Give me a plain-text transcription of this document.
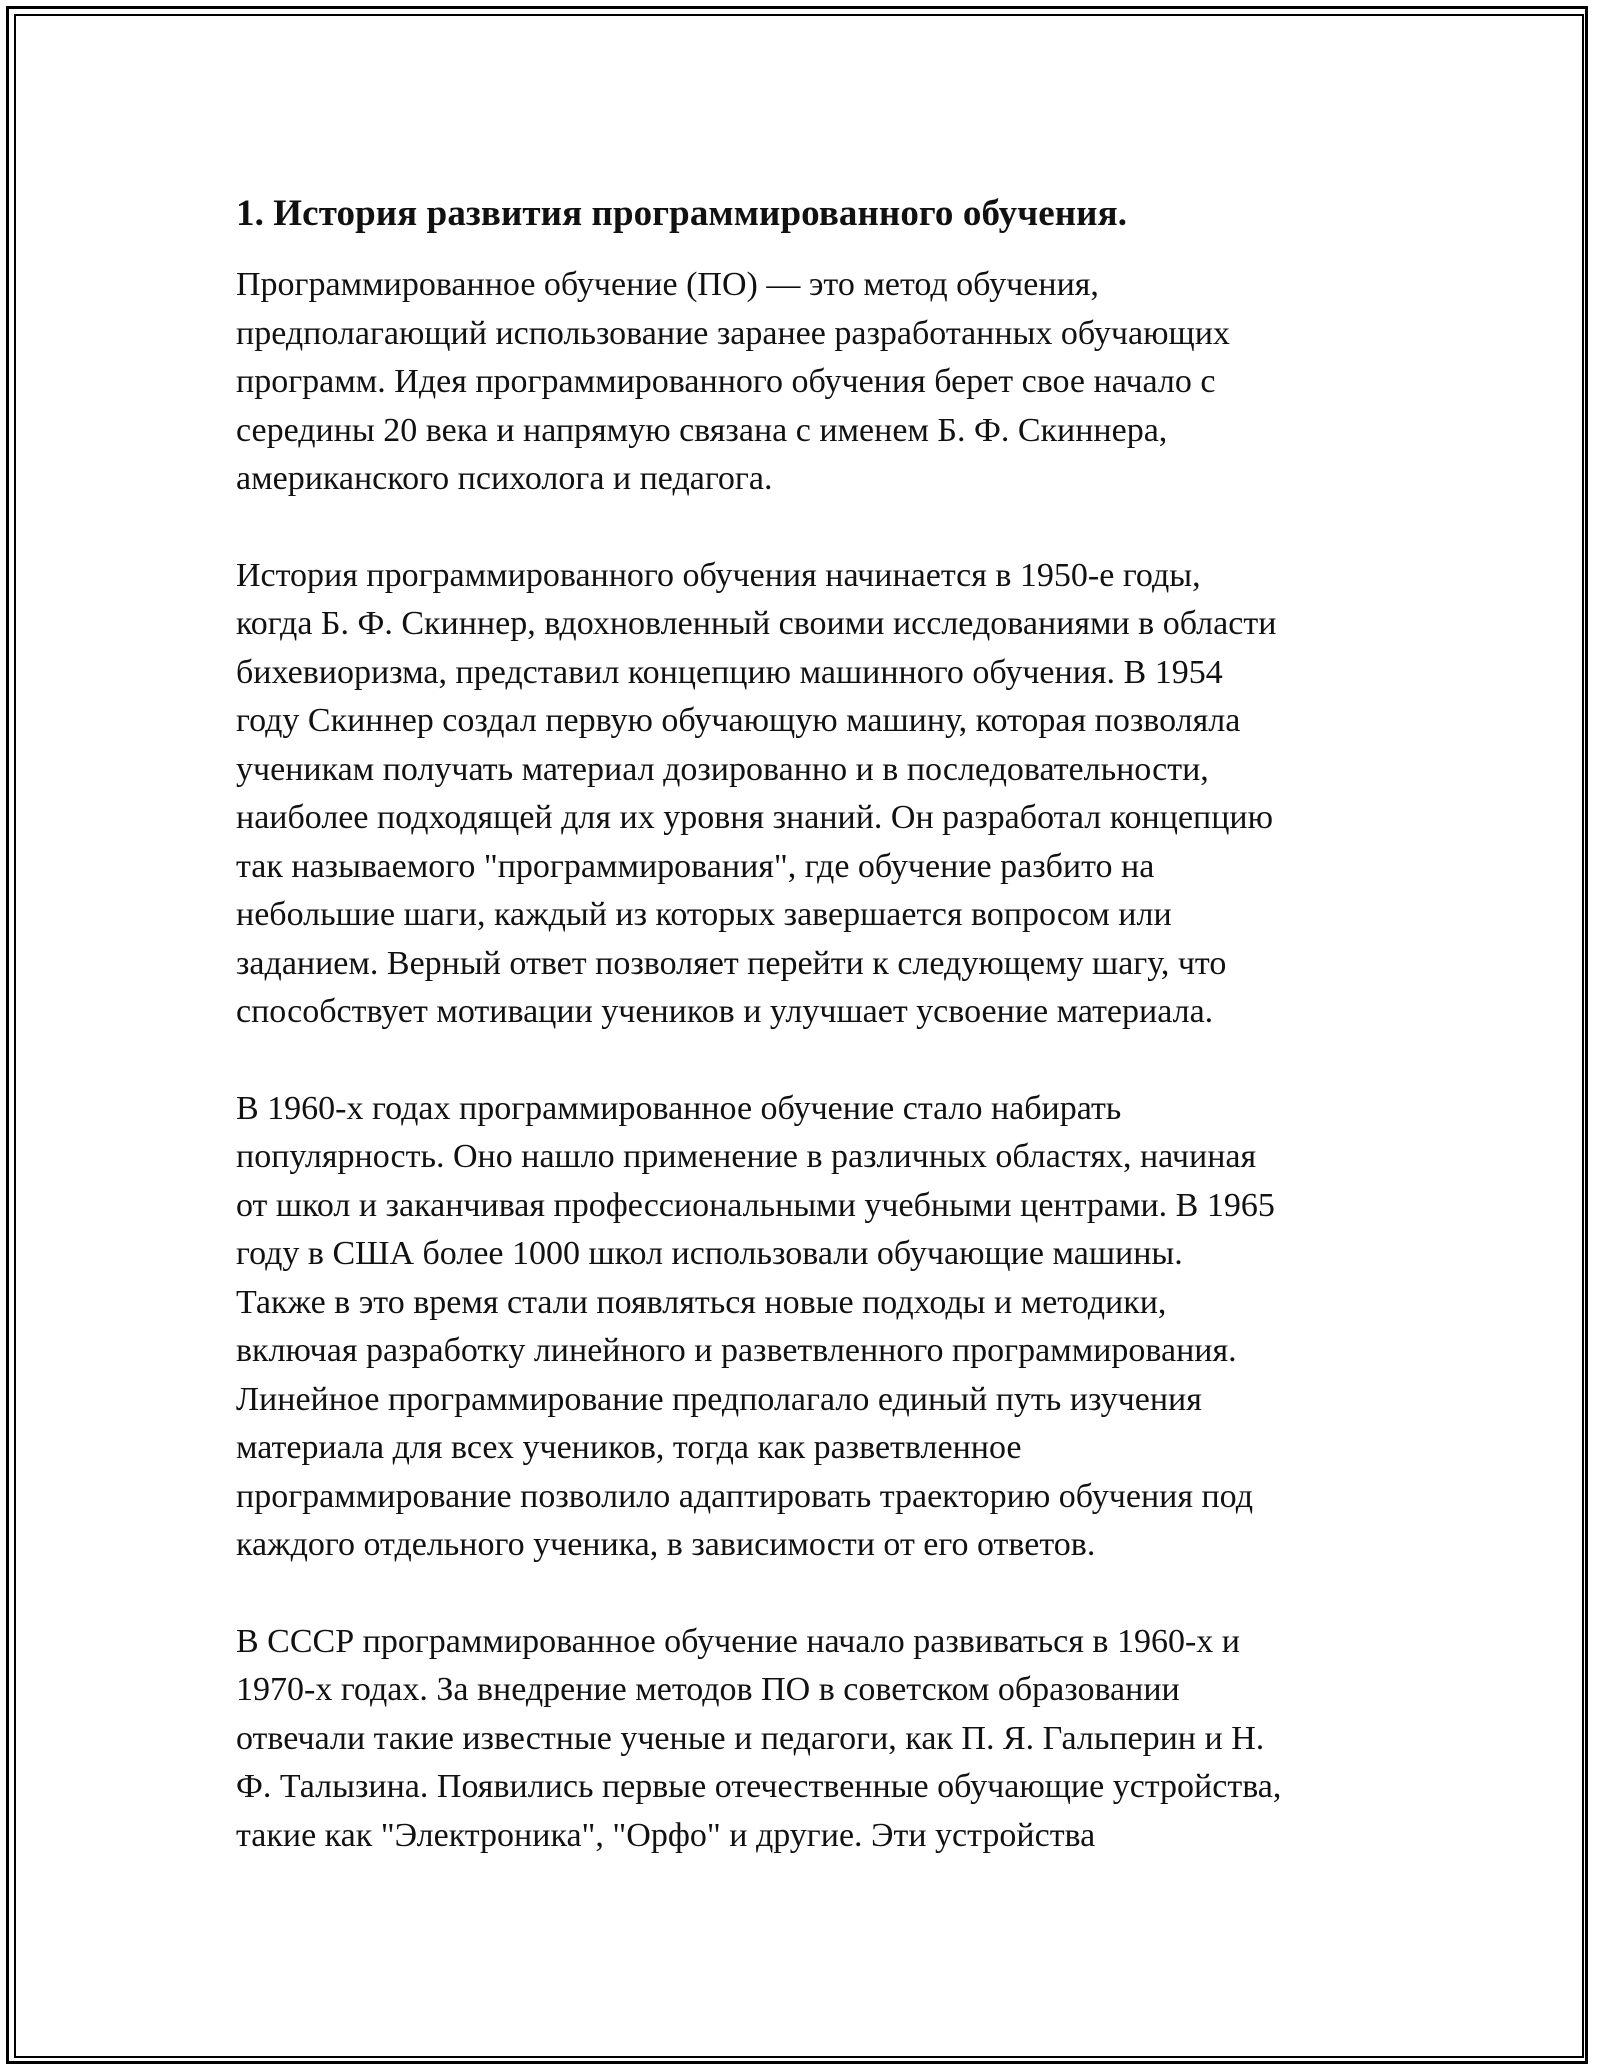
1. История развития программированного обучения.

Программированное обучение (ПО) — это метод обучения,
предполагающий использование заранее разработанных обучающих
программ. Идея программированного обучения берет свое начало с
середины 20 века и напрямую связана с именем Б. Ф. Скиннера,
американского психолога и педагога.

История программированного обучения начинается в 1950-е годы,
когда Б. Ф. Скиннер, вдохновленный своими исследованиями в области
бихевиоризма, представил концепцию машинного обучения. В 1954
году Скиннер создал первую обучающую машину, которая позволяла
ученикам получать материал дозированно и в последовательности,
наиболее подходящей для их уровня знаний. Он разработал концепцию
так называемого "программирования", где обучение разбито на
небольшие шаги, каждый из которых завершается вопросом или
заданием. Верный ответ позволяет перейти к следующему шагу, что
способствует мотивации учеников и улучшает усвоение материала.

В 1960-х годах программированное обучение стало набирать
популярность. Оно нашло применение в различных областях, начиная
от школ и заканчивая профессиональными учебными центрами. В 1965
году в США более 1000 школ использовали обучающие машины.
Также в это время стали появляться новые подходы и методики,
включая разработку линейного и разветвленного программирования.
Линейное программирование предполагало единый путь изучения
материала для всех учеников, тогда как разветвленное
программирование позволило адаптировать траекторию обучения под
каждого отдельного ученика, в зависимости от его ответов.

В СССР программированное обучение начало развиваться в 1960-х и
1970-х годах. За внедрение методов ПО в советском образовании
отвечали такие известные ученые и педагоги, как П. Я. Гальперин и Н.
Ф. Талызина. Появились первые отечественные обучающие устройства,
такие как "Электроника", "Орфо" и другие. Эти устройства
